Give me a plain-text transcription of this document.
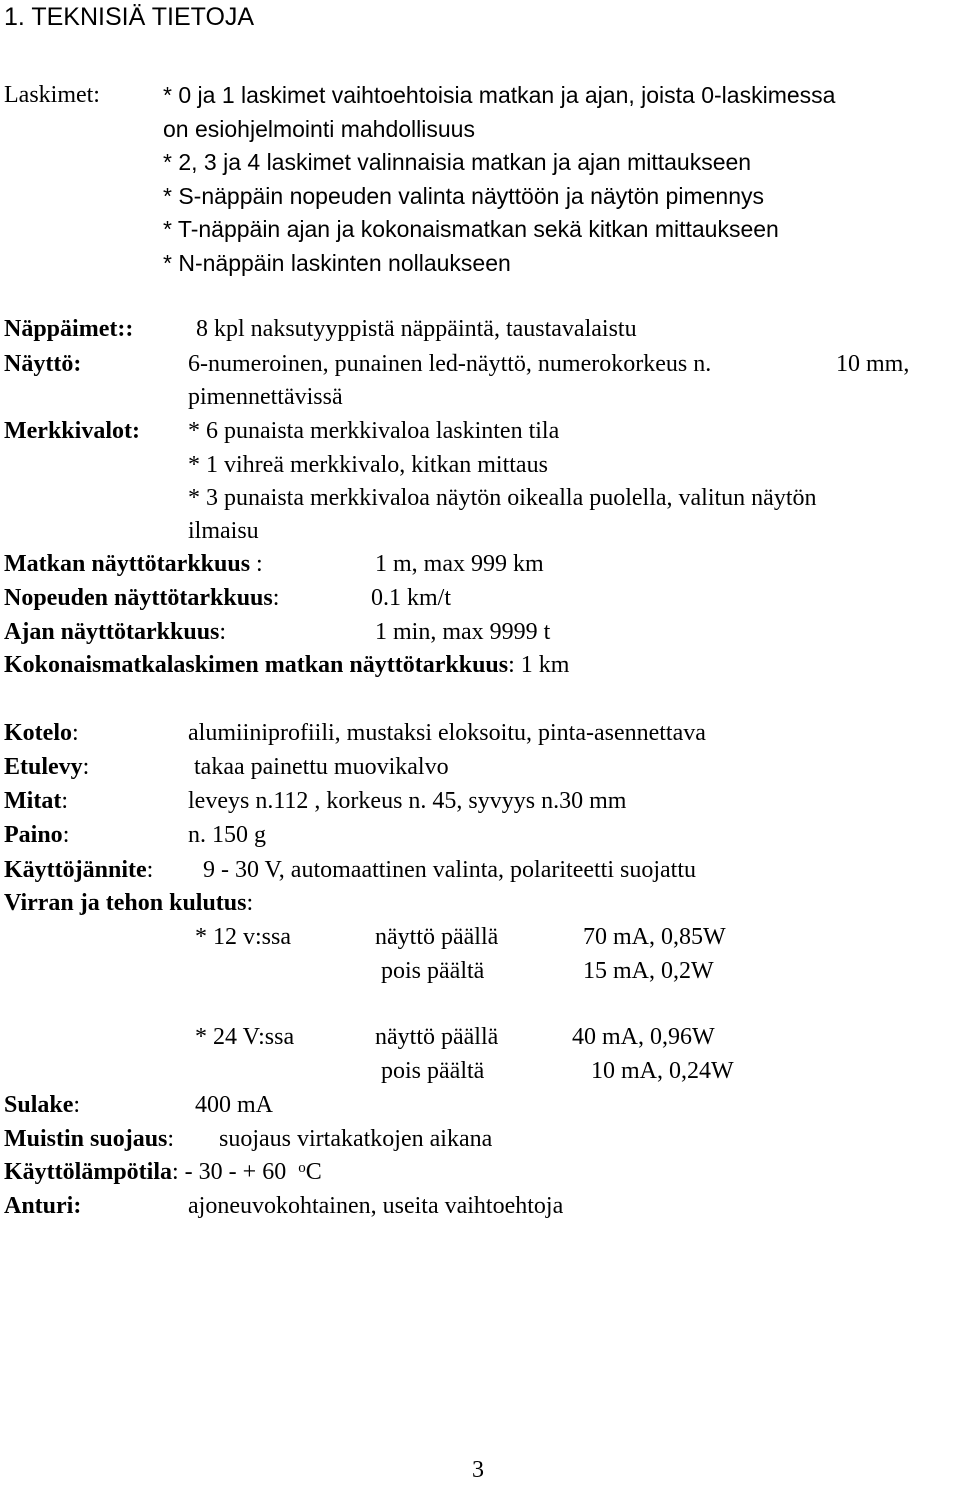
1. TEKNISIÄ TIETOJA
Laskimet:	* 0 ja 1 laskimet vaihtoehtoisia matkan ja ajan, joista 0-laskimessa
on esiohjelmointi mahdollisuus
* 2, 3 ja 4 laskimet valinnaisia matkan ja ajan mittaukseen
* S-näppäin nopeuden valinta näyttöön ja näytön pimennys
* T-näppäin ajan ja kokonaismatkan sekä kitkan mittaukseen
* N-näppäin laskinten nollaukseen
Näppäimet::	8 kpl naksutyyppistä näppäintä, taustavalaistu
Näyttö:	6-numeroinen, punainen led-näyttö, numerokorkeus n.	10 mm,
pimennettävissä
Merkkivalot: * 6 punaista merkkivaloa laskinten tila
* 1 vihreä merkkivalo, kitkan mittaus
* 3 punaista merkkivaloa näytön oikealla puolella, valitun näytön
ilmaisu
Matkan näyttötarkkuus :	1 m, max 999 km
Nopeuden näyttötarkkuus:	0.1 km/t
Ajan näyttötarkkuus:	1 min, max 9999 t
Kokonaismatkalaskimen matkan näyttötarkkuus: 1 km
Kotelo:	alumiiniprofiili, mustaksi eloksoitu, pinta-asennettava
Etulevy:	takaa painettu muovikalvo
Mitat:	leveys n.112 , korkeus n. 45, syvyys n.30 mm
Paino:	n. 150 g
Käyttöjännite: 9 - 30 V, automaattinen valinta, polariteetti suojattu
Virran ja tehon kulutus:
* 12 v:ssa	näyttö päällä	70 mA, 0,85W
pois päältä	15 mA, 0,2W
* 24 V:ssa	näyttö päällä	40 mA, 0,96W
pois päältä	10 mA, 0,24W
Sulake:	400 mA
Muistin suojaus: suojaus virtakatkojen aikana
Käyttölämpötila: - 30 - + 60 $^o$C
Anturi:	ajoneuvokohtainen, useita vaihtoehtoja
3
